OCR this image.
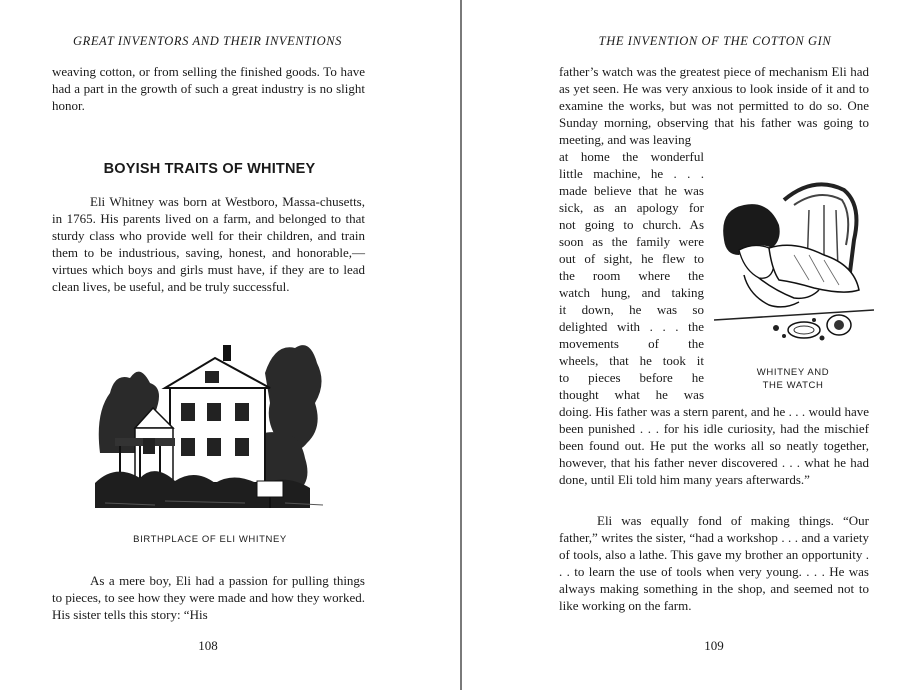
GREAT INVENTORS AND THEIR INVENTIONS

weaving cotton, or from selling the finished goods. To have had a part in the growth of such a great industry is no slight honor.

BOYISH TRAITS OF WHITNEY

Eli Whitney was born at Westboro, Massa-chusetts, in 1765. His parents lived on a farm, and belonged to that sturdy class who provide well for their children, and train them to be industrious, saving, honest, and honorable,—virtues which boys and girls must have, if they are to lead clean lives, be useful, and be truly successful.

BIRTHPLACE OF ELI WHITNEY

As a mere boy, Eli had a passion for pulling things to pieces, to see how they were made and how they worked. His sister tells this story: “His

108
THE INVENTION OF THE COTTON GIN

father’s watch was the greatest piece of mechanism Eli had as yet seen. He was very anxious to look inside of it and to examine the works, but was not permitted to do so. One Sunday morning, observing that his father was going to meeting, and was leaving

at home the wonderful
little machine, he . . .
made believe that he was
sick, as an apology for
not going to church. As
soon as the family were
out of sight, he flew to
the room where the
watch hung, and taking
it down, he was so
delighted with . . . the
movements of the
wheels, that he took it
to pieces before he
thought what he was
WHITNEY AND
THE WATCH

doing. His father was a stern parent, and he . . . would have been punished . . . for his idle curiosity, had the mischief been found out. He put the works all so neatly together, however, that his father never discovered . . . what he had done, until Eli told him many years afterwards.”

Eli was equally fond of making things. “Our father,” writes the sister, “had a workshop . . . and a variety of tools, also a lathe. This gave my brother an opportunity . . . to learn the use of tools when very young. . . . He was always making something in the shop, and seemed not to like working on the farm.

109
